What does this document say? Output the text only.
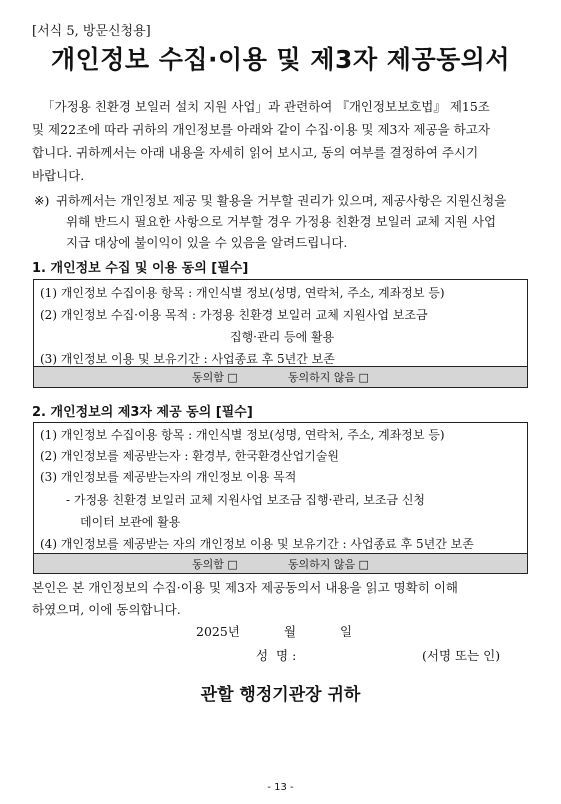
[서식 5, 방문신청용]
개인정보 수집·이용 및 제3자 제공동의서
「가정용 친환경 보일러 설치 지원 사업」과 관련하여 『개인정보보호법』 제15조
및 제22조에 따라 귀하의 개인정보를 아래와 같이 수집·이용 및 제3자 제공을 하고자
합니다. 귀하께서는 아래 내용을 자세히 읽어 보시고, 동의 여부를 결정하여 주시기
바랍니다.
※) 귀하께서는 개인정보 제공 및 활용을 거부할 권리가 있으며, 제공사항은 지원신청을
위해 반드시 필요한 사항으로 거부할 경우 가정용 친환경 보일러 교체 지원 사업
지급 대상에 불이익이 있을 수 있음을 알려드립니다.
1. 개인정보 수집 및 이용 동의 [필수]
(1) 개인정보 수집이용 항목 : 개인식별 정보(성명, 연락처, 주소, 계좌정보 등)
(2) 개인정보 수집·이용 목적 : 가정용 친환경 보일러 교체 지원사업 보조금
집행·관리 등에 활용
(3) 개인정보 이용 및 보유기간 : 사업종료 후 5년간 보존
동의함 □	동의하지 않음 □
2. 개인정보의 제3자 제공 동의 [필수]
(1) 개인정보 수집이용 항목 : 개인식별 정보(성명, 연락처, 주소, 계좌정보 등)
(2) 개인정보를 제공받는자 : 환경부, 한국환경산업기술원
(3) 개인정보를 제공받는자의 개인정보 이용 목적
- 가정용 친환경 보일러 교체 지원사업 보조금 집행·관리, 보조금 신청
데이터 보관에 활용
(4) 개인정보를 제공받는 자의 개인정보 이용 및 보유기간 : 사업종료 후 5년간 보존
동의함 □	동의하지 않음 □
본인은 본 개인정보의 수집·이용 및 제3자 제공동의서 내용을 읽고 명확히 이해
하였으며, 이에 동의합니다.
2025년	월	일
성  명 :	(서명 또는 인)
관할 행정기관장 귀하
- 13 -
